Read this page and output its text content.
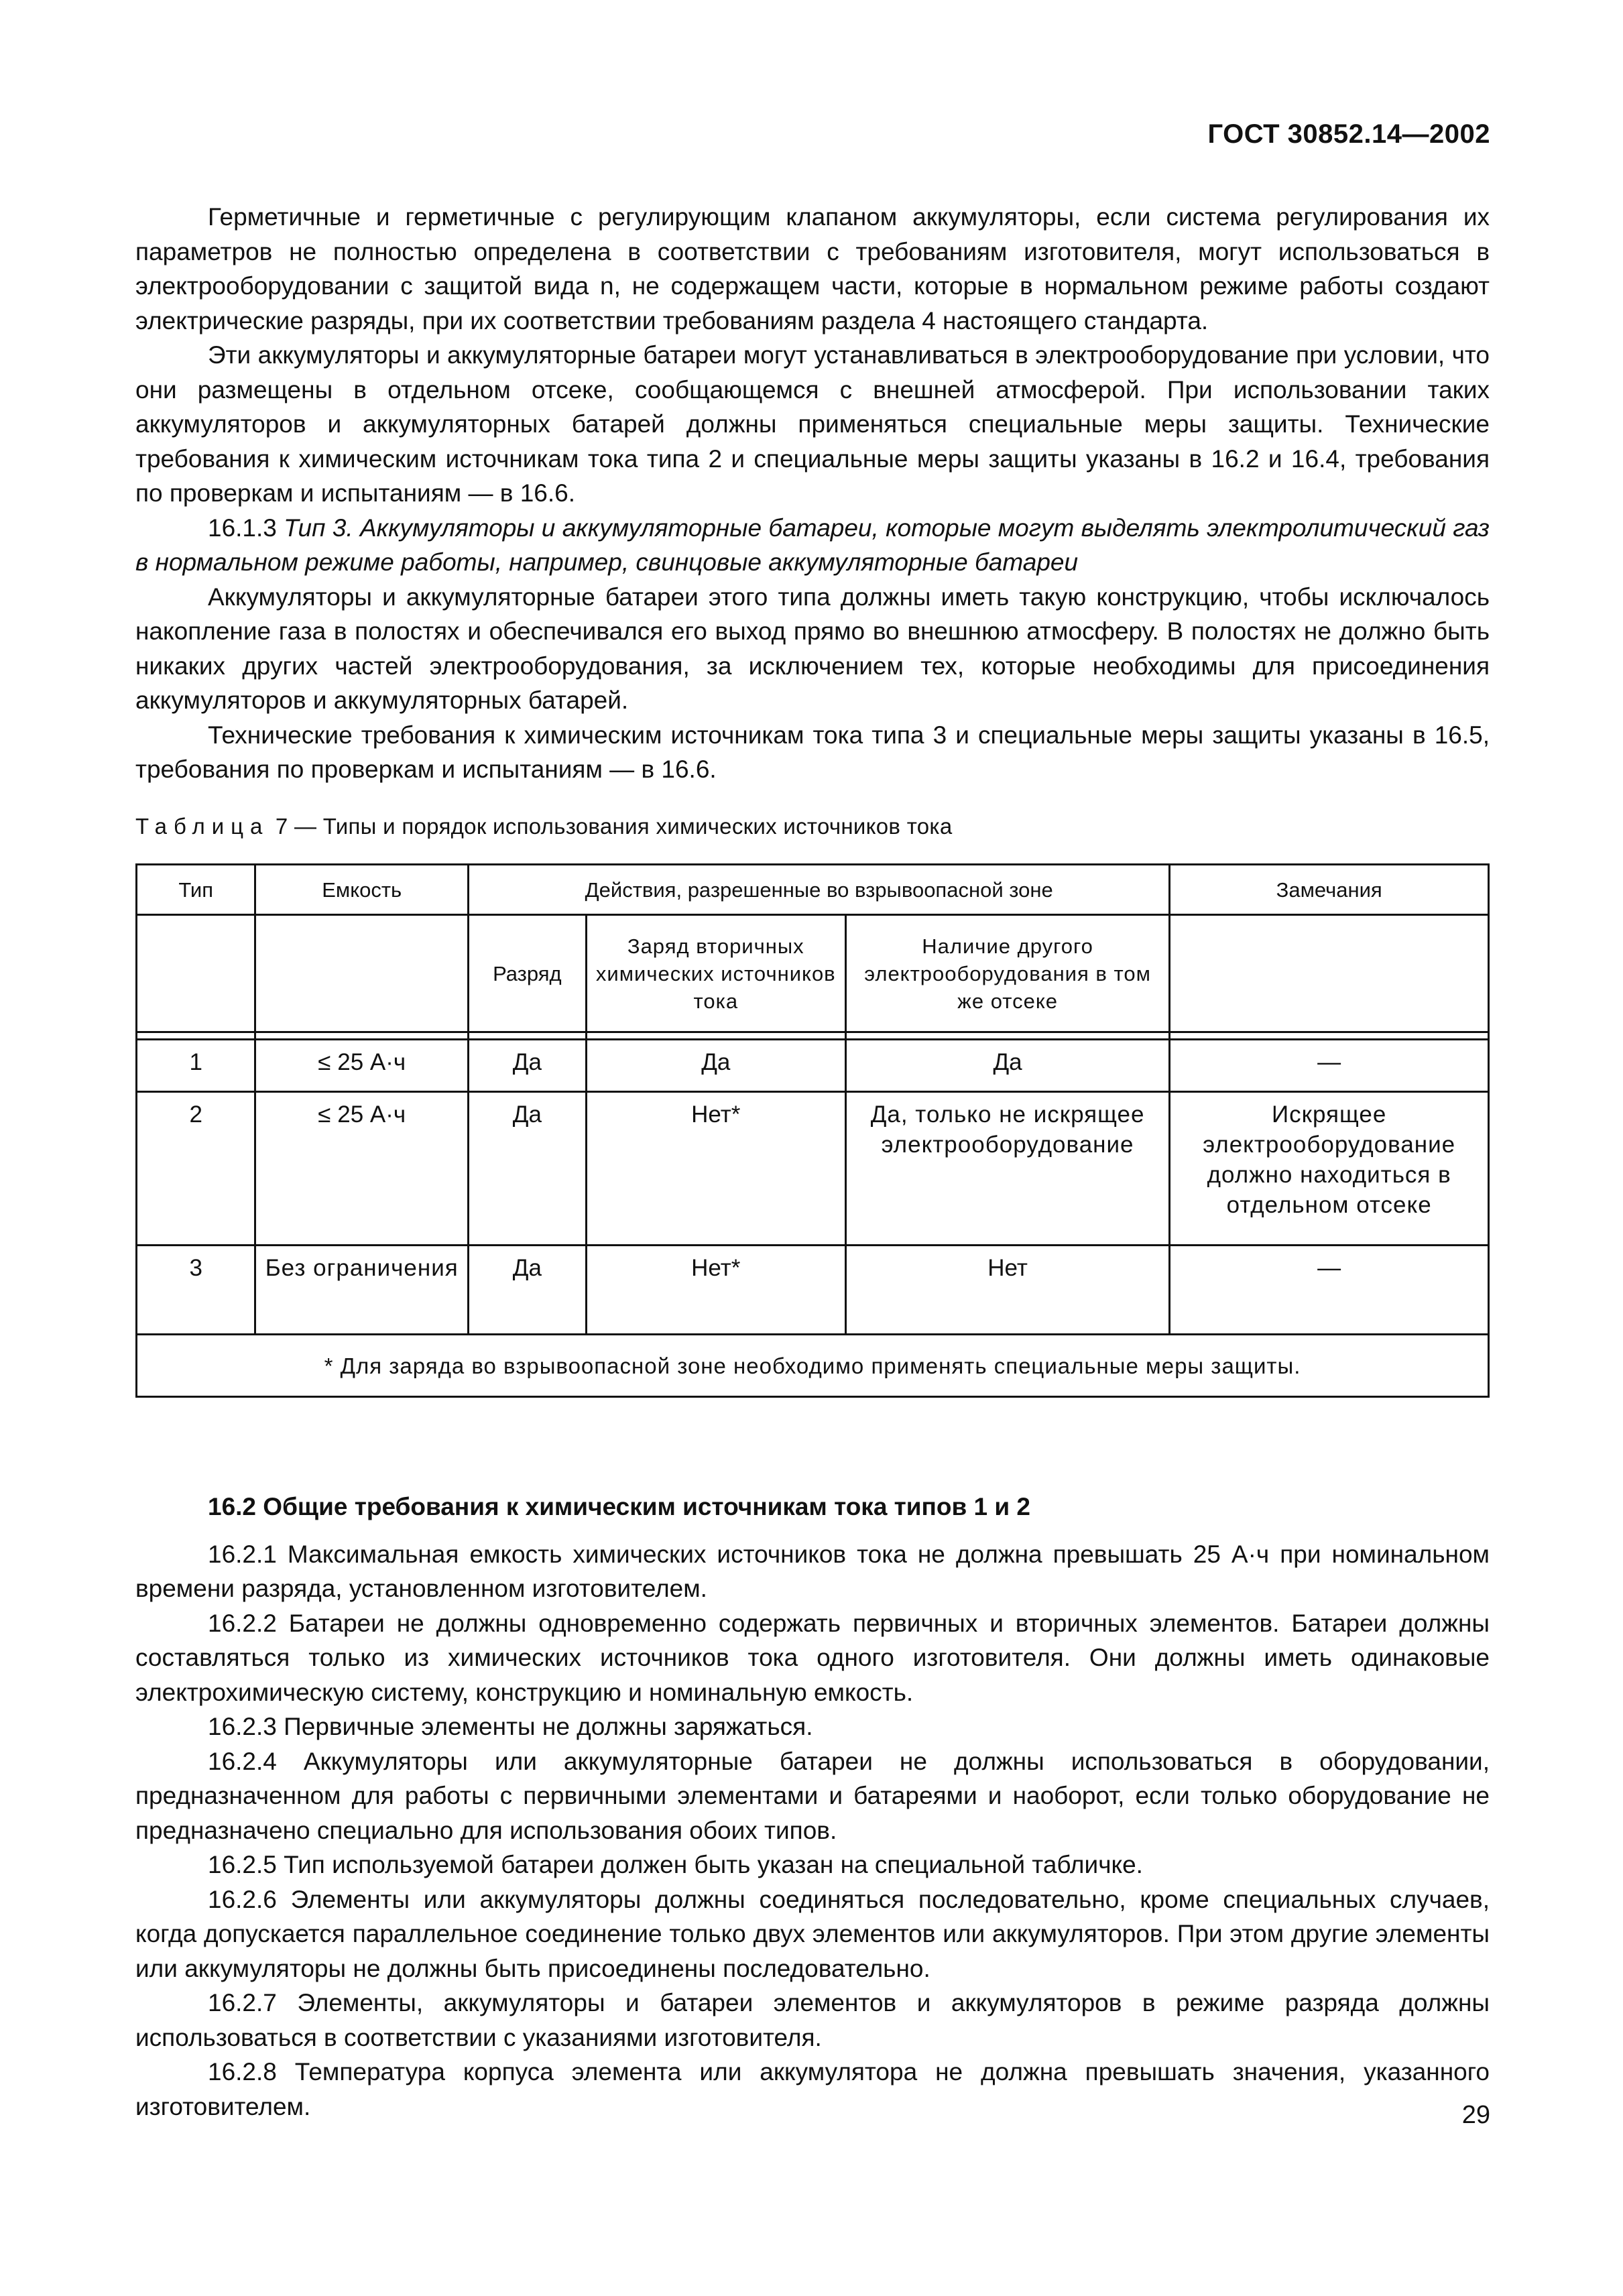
ГОСТ 30852.14—2002

Герметичные и герметичные с регулирующим клапаном аккумуляторы, если система регулирования их параметров не полностью определена в соответствии с требованиям изготовителя, могут использоваться в электрооборудовании с защитой вида n, не содержащем части, которые в нормальном режиме работы создают электрические разряды, при их соответствии требованиям раздела 4 настоящего стандарта.

Эти аккумуляторы и аккумуляторные батареи могут устанавливаться в электрооборудование при условии, что они размещены в отдельном отсеке, сообщающемся с внешней атмосферой. При использовании таких аккумуляторов и аккумуляторных батарей должны применяться специальные меры защиты. Технические требования к химическим источникам тока типа 2 и специальные меры защиты указаны в 16.2 и 16.4, требования по проверкам и испытаниям — в 16.6.

16.1.3 Тип 3. Аккумуляторы и аккумуляторные батареи, которые могут выделять электролитический газ в нормальном режиме работы, например, свинцовые аккумуляторные батареи

Аккумуляторы и аккумуляторные батареи этого типа должны иметь такую конструкцию, чтобы исключалось накопление газа в полостях и обеспечивался его выход прямо во внешнюю атмосферу. В полостях не должно быть никаких других частей электрооборудования, за исключением тех, которые необходимы для присоединения аккумуляторов и аккумуляторных батарей.

Технические требования к химическим источникам тока типа 3 и специальные меры защиты указаны в 16.5, требования по проверкам и испытаниям — в 16.6.

Таблица 7 — Типы и порядок использования химических источников тока
Тип	Емкость	Действия, разрешенные во взрывоопасной зоне			Замечания
		Разряд	Заряд вторичных химических источников тока	Наличие другого электрооборудования в том же отсеке	

1	≤ 25 А·ч	Да	Да	Да	—
2	≤ 25 А·ч	Да	Нет*	Да, только не искрящее электрооборудование	Искрящее электрооборудование должно находиться в отдельном отсеке
3	Без ограничения	Да	Нет*	Нет	—
* Для заряда во взрывоопасной зоне необходимо применять специальные меры защиты.					
16.2 Общие требования к химическим источникам тока типов 1 и 2

16.2.1 Максимальная емкость химических источников тока не должна превышать 25 А·ч при номинальном времени разряда, установленном изготовителем.

16.2.2 Батареи не должны одновременно содержать первичных и вторичных элементов. Батареи должны составляться только из химических источников тока одного изготовителя. Они должны иметь одинаковые электрохимическую систему, конструкцию и номинальную емкость.

16.2.3 Первичные элементы не должны заряжаться.

16.2.4 Аккумуляторы или аккумуляторные батареи не должны использоваться в оборудовании, предназначенном для работы с первичными элементами и батареями и наоборот, если только оборудование не предназначено специально для использования обоих типов.

16.2.5 Тип используемой батареи должен быть указан на специальной табличке.

16.2.6 Элементы или аккумуляторы должны соединяться последовательно, кроме специальных случаев, когда допускается параллельное соединение только двух элементов или аккумуляторов. При этом другие элементы или аккумуляторы не должны быть присоединены последовательно.

16.2.7 Элементы, аккумуляторы и батареи элементов и аккумуляторов в режиме разряда должны использоваться в соответствии с указаниями изготовителя.

16.2.8 Температура корпуса элемента или аккумулятора не должна превышать значения, указанного изготовителем.	29
